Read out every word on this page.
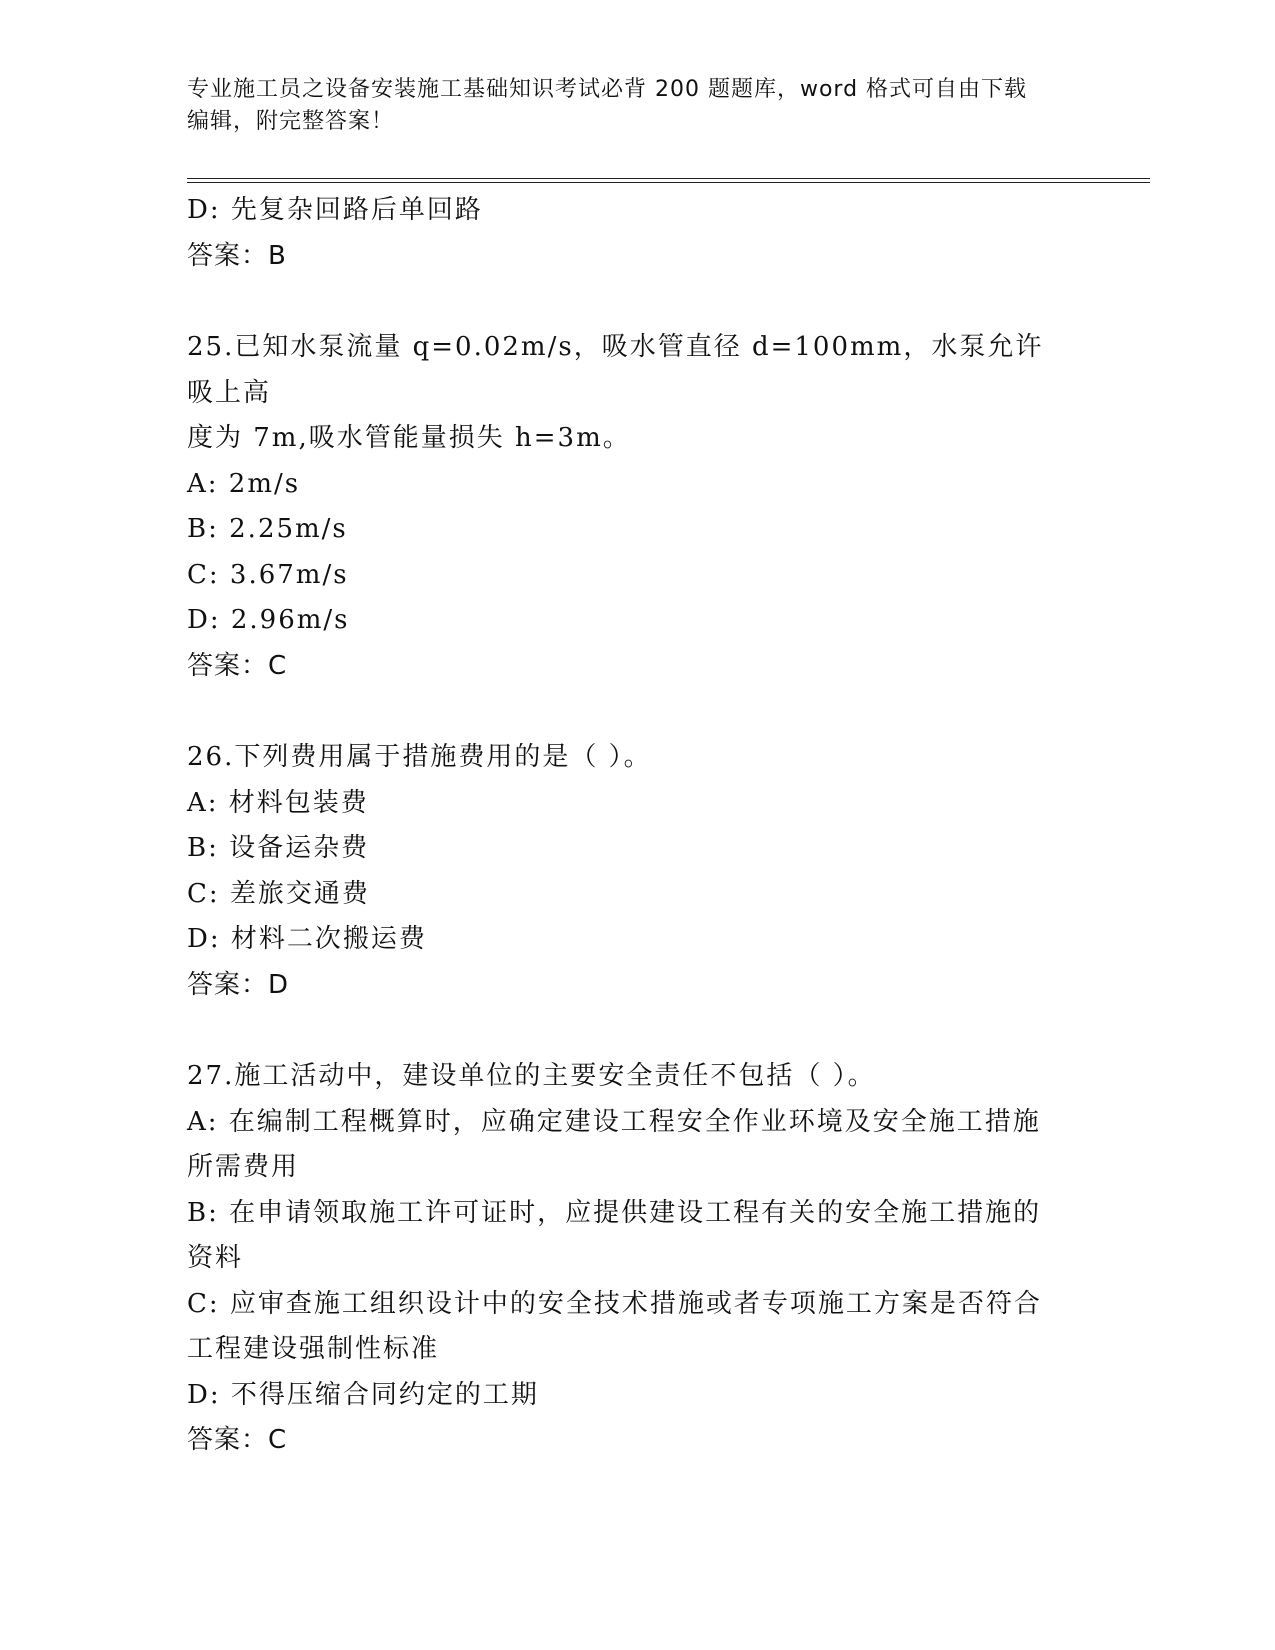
专业施工员之设备安装施工基础知识考试必背 200 题题库，word 格式可自由下载
编辑，附完整答案！
D: 先复杂回路后单回路
答案：B
25.已知水泵流量 q=0.02m/s，吸水管直径 d=100mm，水泵允许吸上高
度为 7m,吸水管能量损失 h=3m。
A: 2m/s
B: 2.25m/s
C: 3.67m/s
D: 2.96m/s
答案：C
26.下列费用属于措施费用的是（ ）。
A: 材料包装费
B: 设备运杂费
C: 差旅交通费
D: 材料二次搬运费
答案：D
27.施工活动中，建设单位的主要安全责任不包括（ ）。
A: 在编制工程概算时，应确定建设工程安全作业环境及安全施工措施
所需费用
B: 在申请领取施工许可证时，应提供建设工程有关的安全施工措施的
资料
C: 应审查施工组织设计中的安全技术措施或者专项施工方案是否符合
工程建设强制性标准
D: 不得压缩合同约定的工期
答案：C
